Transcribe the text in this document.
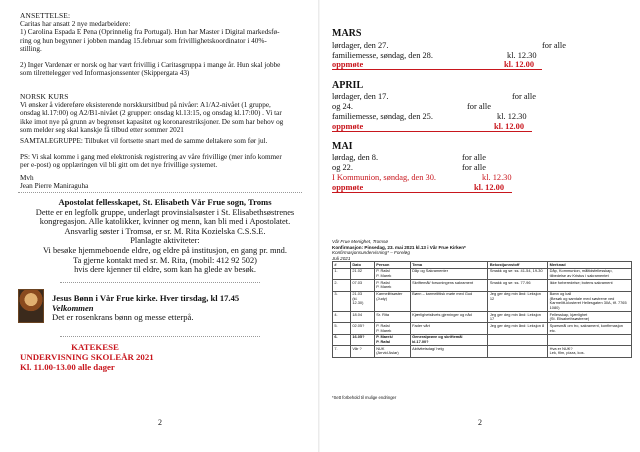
ANSETTELSE:
Caritas har ansatt 2 nye medarbeidere:
1) Carolina Espada E Pena (Oprinnelig fra Portugal). Hun har Master i Digital markedsfø-
ring og hun begynner i jobben mandag 15.februar som frivillighetskoordinator i 40%-
stilling.
2) Inger Vardenær er norsk og har vært frivillig i Caritasgruppa i mange år. Hun skal jobbe
som tilrettelegger ved Informasjonssenter (Skippergata 43)
NORSK KURS
Vi ønsker å videreføre eksisterende norskkursitlbud på nivåer: A1/A2-nivået (1 gruppe,
onsdag kl.17:00) og A2/B1-nivået (2 grupper: onsdag kl.13:15, og onsdag kl.17:00) . Vi tar
ikke imot nye på grunn av begrenset kapasitet og koronarestriksjoner. De som har behov og
som melder seg skal kanskje få tilbud etter sommer 2021
SAMTALEGRUPPE: Tilbuket vil fortsette snart med de samme deltakere som før jul.
PS: Vi skal komme i gang med elektronisk registrering av våre frivillige (mer info kommer
per e-post) og opplæringen vil bli gitt om det nye frivillige systemet.
Mvh
Jean Pierre Maniraguha
Apostolat fellesskapet, St. Elisabeth Vår Frue sogn, Troms
Dette er en legfolk gruppe, underlagt provinsialsøster i St. Elisabethsøstrenes
kongregasjon. Alle katolikker, kvinner og menn, kan bli med i Apostolatet.
Ansvarlig søster i Tromsø, er sr. M. Rita Kozielska C.S.S.E.
Planlagte aktiviteter:
Vi besøke hjemmeboende eldre, og eldre på institusjon, en gang pr. mnd.
Ta gjerne kontakt med sr. M. Rita, (mobil: 412 92 502)
hvis dere kjenner til eldre, som kan ha glede av besøk.
Jesus Bønn i Vår Frue kirke. Hver tirsdag, kl 17.45
Velkommen
Det er rosenkrans bønn og messe etterpå.
KATEKESE
UNDERVISNING SKOLEÅR 2021
Kl. 11.00-13.00 alle dager
2
MARS
lørdager, den 27.	for alle
familiemesse, søndag, den 28.	kl. 12.30
oppmøte	kl. 12.00
APRIL
lørdager, den 17.	for alle
og 24.	for alle
familiemesse, søndag, den 25.	kl. 12.30
oppmøte	kl. 12.00
MAI
lørdag, den 8.	for alle
og 22.	for alle
I Kommunion, søndag, den 30.	kl. 12.30
oppmøte	kl. 12.00
Vår Frue Menighet, Tromsø
Konfirmasjon: Pinsedag, 23. mai 2021 kl.13 i Vår Frue Kirken*
Konfirmasjonsundervisning* – Foreløg
Juli 2021
#	Dato	Person	Tema	Bekostjunnstoff	Merknad
1.	21.02	P. Rafal
P. Marek	Dåp og Sakramenter	Smakk og se: ss. 41-54, 19-30	Dåp, Kommunion, måltidsfellesskap, tilbedelse av Kristus i sakramentet
2.	07.03	P. Rafal
P. Marek	Skriftemål/ forsoningens sakrament	Smakk og se: ss. 77-96	Ikke forberedelse; botens sakrament
3.	21.03
(kl.
12.30)	Karmelittsøster
(Judy)	Bønn – karmelittisk møte med Gud	Jeg ger deg min ånd: Leksjon 12	Bønn og kall
(Besøk og samtale med søstrene ved Karmelitt-klosteret Hellesgaten 30A, tlf. 7765 1080)
4.	18.04	Sr. Rita	Kjærlighetslivets gjerninger og nåd	Jeg ger deg min ånd: Leksjon 17	Fellesskap, kjærlighet
(St. Elisabethsøstrene)
5.	02.05?	P. Rafal
P. Marek	Fader vårt	Jeg ger deg min ånd: Leksjon 8	Spørsmål om tro, sakrament, konfirmasjon etc.
6.	16.05?	P. Marek/
P. Rafal	Generalprøve og skriftemål
kl.17.00?		
7.	Vår ?	NUK
(Arrvid Aslar)	Aktivitetsdag/ helg		Hva er NUK?
Lek, film, pizza, kos.
*Sett forbehold til mulige endringer
2
